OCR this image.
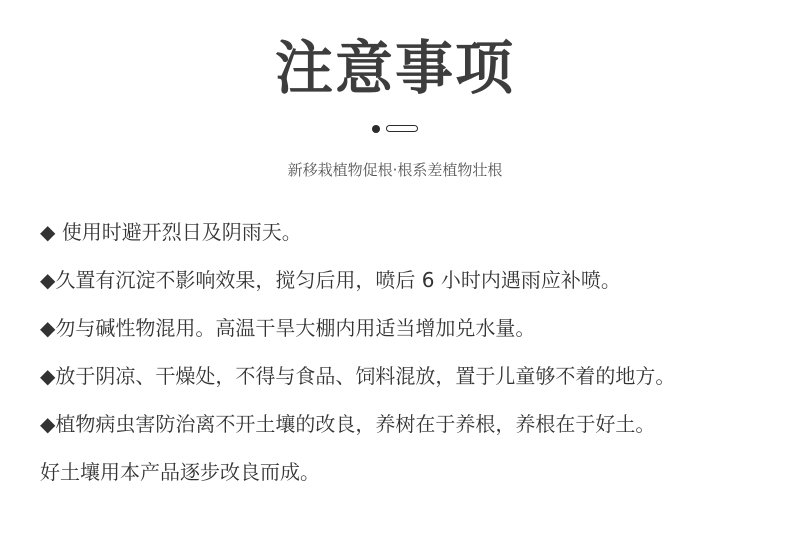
注意事项
新移栽植物促根·根系差植物壮根
◆ 使用时避开烈日及阴雨天。
◆久置有沉淀不影响效果，搅匀后用，喷后 6 小时内遇雨应补喷。
◆勿与碱性物混用。高温干旱大棚内用适当增加兑水量。
◆放于阴凉、干燥处，不得与食品、饲料混放，置于儿童够不着的地方。
◆植物病虫害防治离不开土壤的改良，养树在于养根，养根在于好土。
好土壤用本产品逐步改良而成。
